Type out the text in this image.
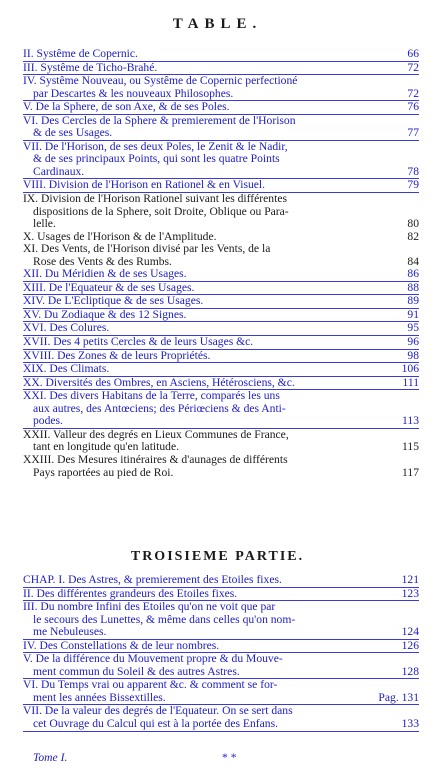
TABLE.
II. Systême de Copernic.	66
III. Systême de Ticho-Brahé.	72
IV. Systême Nouveau, ou Systême de Copernic perfectioné
par Descartes & les nouveaux Philosophes.	72
V. De la Sphere, de son Axe, & de ses Poles.	76
VI. Des Cercles de la Sphere & premierement de l'Horison
& de ses Usages.	77
VII. De l'Horison, de ses deux Poles, le Zenit & le Nadir,
& de ses principaux Points, qui sont les quatre Points
Cardinaux.	78
VIII. Division de l'Horison en Rationel & en Visuel.	79
IX. Division de l'Horison Rationel suivant les différentes
dispositions de la Sphere, soit Droite, Oblique ou Para-
lelle.	80
X. Usages de l'Horison & de l'Amplitude.	82
XI. Des Vents, de l'Horison divisé par les Vents, de la
Rose des Vents & des Rumbs.	84
XII. Du Méridien & de ses Usages.	86
XIII. De l'Equateur & de ses Usages.	88
XIV. De L'Ecliptique & de ses Usages.	89
XV. Du Zodiaque & des 12 Signes.	91
XVI. Des Colures.	95
XVII. Des 4 petits Cercles & de leurs Usages &c.	96
XVIII. Des Zones & de leurs Propriétés.	98
XIX. Des Climats.	106
XX. Diversités des Ombres, en Asciens, Hétérosciens, &c.	111
XXI. Des divers Habitans de la Terre, comparés les uns
aux autres, des Antœciens; des Périœciens & des Anti-
podes.	113
XXII. Valleur des degrés en Lieux Communes de France,
tant en longitude qu'en latitude.	115
XXIII. Des Mesures itinéraires & d'aunages de différents
Pays raportées au pied de Roi.	117
TROISIEME PARTIE.
CHAP. I. Des Astres, & premierement des Etoiles fixes.	121
II. Des différentes grandeurs des Etoiles fixes.	123
III. Du nombre Infini des Etoiles qu'on ne voit que par
le secours des Lunettes, & même dans celles qu'on nom-
me Nebuleuses.	124
IV. Des Constellations & de leur nombres.	126
V. De la différence du Mouvement propre & du Mouve-
ment commun du Soleil & des autres Astres.	128
VI. Du Temps vrai ou apparent &c. & comment se for-
ment les années Bissextilles.	Pag. 131
VII. De la valeur des degrés de l'Equateur. On se sert dans
cet Ouvrage du Calcul qui est à la portée des Enfans.	133
Tome I.	* *
